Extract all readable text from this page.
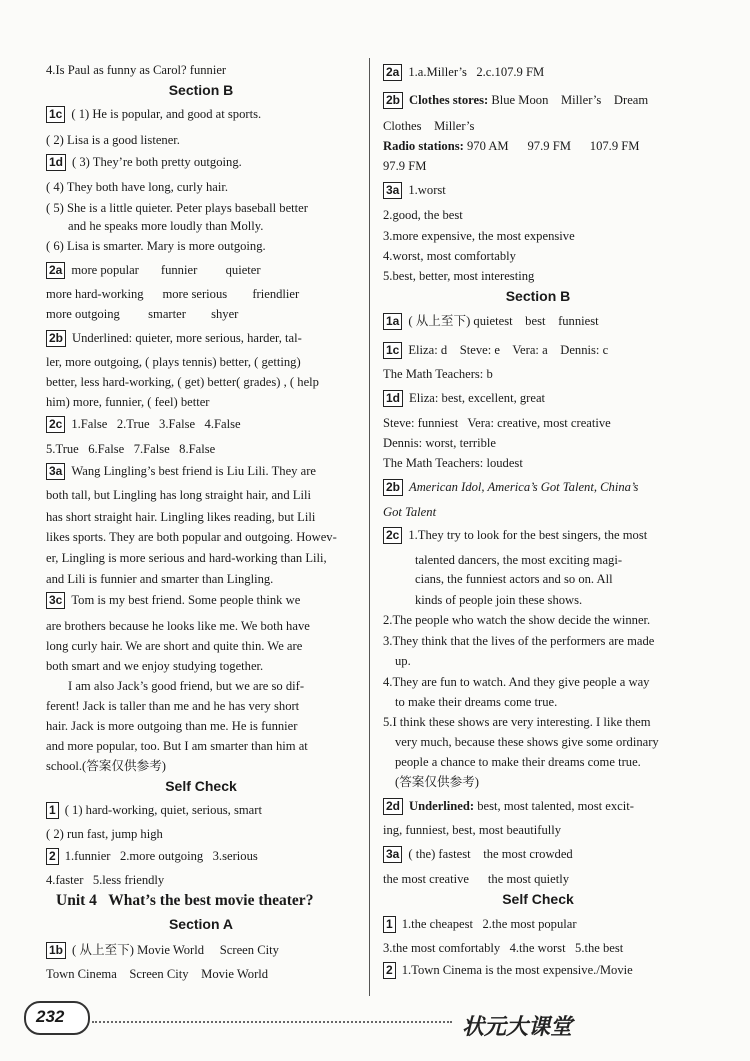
4.Is Paul as funny as Carol? funnier
Section B
1c ( 1) He is popular, and good at sports.
( 2) Lisa is a good listener.
1d ( 3) They’re both pretty outgoing.
( 4) They both have long, curly hair.
( 5) She is a little quieter. Peter plays baseball better
and he speaks more loudly than Molly.
( 6) Lisa is smarter. Mary is more outgoing.
2a more popular       funnier         quieter
more hard-working      more serious        friendlier
more outgoing         smarter        shyer
2b Underlined: quieter, more serious, harder, tal-
ler, more outgoing, ( plays tennis) better, ( getting)
better, less hard-working, ( get) better( grades) , ( help
him) more, funnier, ( feel) better
2c 1.False   2.True   3.False   4.False
5.True   6.False   7.False   8.False
3a Wang Lingling’s best friend is Liu Lili. They are
both tall, but Lingling has long straight hair, and Lili
has short straight hair. Lingling likes reading, but Lili
likes sports. They are both popular and outgoing. Howev-
er, Lingling is more serious and hard-working than Lili,
and Lili is funnier and smarter than Lingling.
3c Tom is my best friend. Some people think we
are brothers because he looks like me. We both have
long curly hair. We are short and quite thin. We are
both smart and we enjoy studying together.
I am also Jack’s good friend, but we are so dif-
ferent! Jack is taller than me and he has very short
hair. Jack is more outgoing than me. He is funnier
and more popular, too. But I am smarter than him at
school.(答案仅供参考)
Self Check
1 ( 1) hard-working, quiet, serious, smart
( 2) run fast, jump high
2 1.funnier   2.more outgoing   3.serious
4.faster   5.less friendly
Unit 4   What’s the best movie theater?
Section A
1b ( 从上至下) Movie World     Screen City
Town Cinema    Screen City    Movie World
2a 1.a.Miller’s   2.c.107.9 FM
2b Clothes stores: Blue Moon    Miller’s    Dream
Clothes    Miller’s
Radio stations: 970 AM      97.9 FM      107.9 FM
97.9 FM
3a 1.worst
2.good, the best
3.more expensive, the most expensive
4.worst, most comfortably
5.best, better, most interesting
Section B
1a ( 从上至下) quietest    best    funniest
1c Eliza: d    Steve: e    Vera: a    Dennis: c
The Math Teachers: b
1d Eliza: best, excellent, great
Steve: funniest   Vera: creative, most creative
Dennis: worst, terrible
The Math Teachers: loudest
2b American Idol, America’s Got Talent, China’s
Got Talent
2c 1.They try to look for the best singers, the most
talented dancers, the most exciting magi-
cians, the funniest actors and so on. All
kinds of people join these shows.
2.The people who watch the show decide the winner.
3.They think that the lives of the performers are made
up.
4.They are fun to watch. And they give people a way
to make their dreams come true.
5.I think these shows are very interesting. I like them
very much, because these shows give some ordinary
people a chance to make their dreams come true.
(答案仅供参考)
2d Underlined: best, most talented, most excit-
ing, funniest, best, most beautifully
3a ( the) fastest    the most crowded
the most creative      the most quietly
Self Check
1 1.the cheapest   2.the most popular
3.the most comfortably   4.the worst   5.the best
2 1.Town Cinema is the most expensive./Movie
232	状元大课堂
